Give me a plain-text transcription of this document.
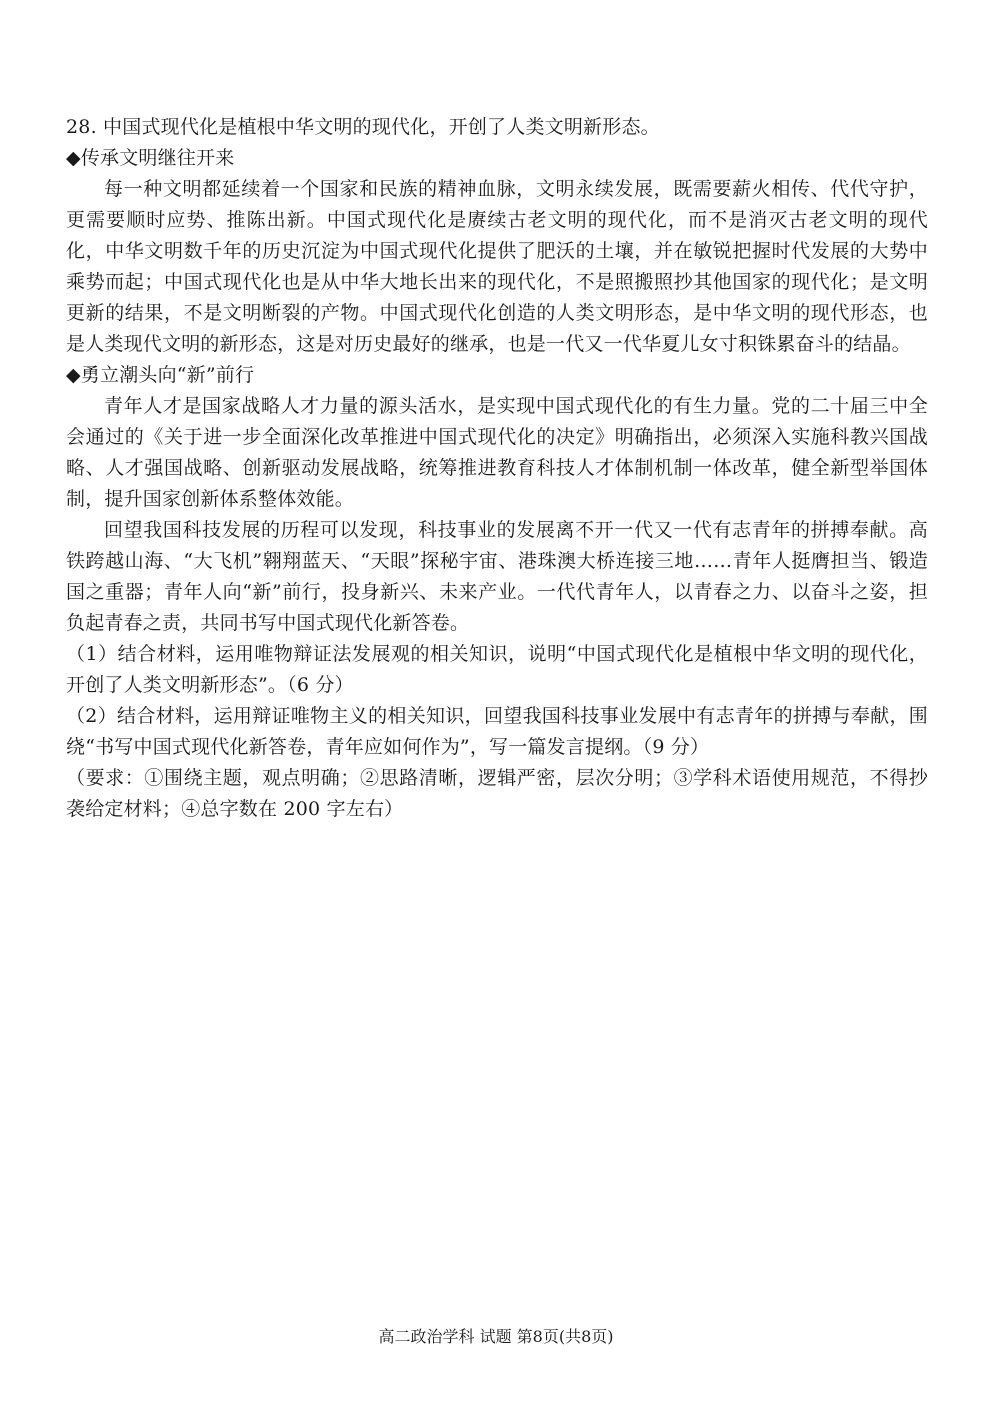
28. 中国式现代化是植根中华文明的现代化，开创了人类文明新形态。

◆传承文明继往开来

每一种文明都延续着一个国家和民族的精神血脉，文明永续发展，既需要薪火相传、代代守护，更需要顺时应势、推陈出新。中国式现代化是赓续古老文明的现代化，而不是消灭古老文明的现代化，中华文明数千年的历史沉淀为中国式现代化提供了肥沃的土壤，并在敏锐把握时代发展的大势中乘势而起；中国式现代化也是从中华大地长出来的现代化，不是照搬照抄其他国家的现代化；是文明更新的结果，不是文明断裂的产物。中国式现代化创造的人类文明形态，是中华文明的现代形态，也是人类现代文明的新形态，这是对历史最好的继承，也是一代又一代华夏儿女寸积铢累奋斗的结晶。

◆勇立潮头向“新”前行

青年人才是国家战略人才力量的源头活水，是实现中国式现代化的有生力量。党的二十届三中全会通过的《关于进一步全面深化改革推进中国式现代化的决定》明确指出，必须深入实施科教兴国战略、人才强国战略、创新驱动发展战略，统筹推进教育科技人才体制机制一体改革，健全新型举国体制，提升国家创新体系整体效能。

回望我国科技发展的历程可以发现，科技事业的发展离不开一代又一代有志青年的拼搏奉献。高铁跨越山海、“大飞机”翱翔蓝天、“天眼”探秘宇宙、港珠澳大桥连接三地……青年人挺膺担当、锻造国之重器；青年人向“新”前行，投身新兴、未来产业。一代代青年人，以青春之力、以奋斗之姿，担负起青春之责，共同书写中国式现代化新答卷。

（1）结合材料，运用唯物辩证法发展观的相关知识，说明“中国式现代化是植根中华文明的现代化，开创了人类文明新形态”。（6 分）

（2）结合材料，运用辩证唯物主义的相关知识，回望我国科技事业发展中有志青年的拼搏与奉献，围绕“书写中国式现代化新答卷，青年应如何作为”，写一篇发言提纲。（9 分）

（要求：①围绕主题，观点明确；②思路清晰，逻辑严密，层次分明；③学科术语使用规范，不得抄袭给定材料；④总字数在 200 字左右）

高二政治学科 试题 第8页(共8页)
